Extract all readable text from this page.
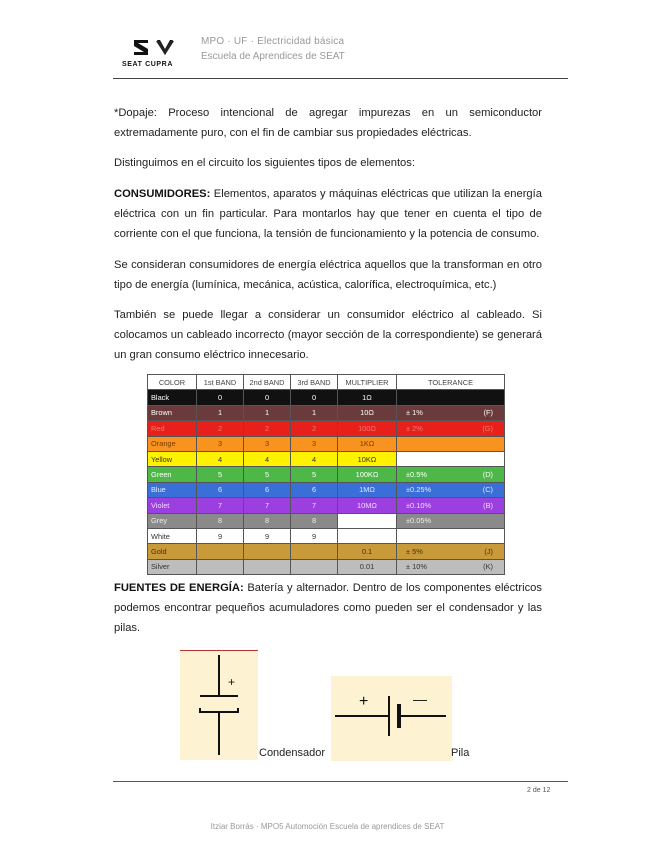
SEAT CUPRA
MPO · UF · Electricidad básica
Escuela de Aprendices de SEAT
*Dopaje: Proceso intencional de agregar impurezas en un semiconductor extremadamente puro, con el fin de cambiar sus propiedades eléctricas.
Distinguimos en el circuito los siguientes tipos de elementos:
CONSUMIDORES: Elementos, aparatos y máquinas eléctricas que utilizan la energía eléctrica con un fin particular. Para montarlos hay que tener en cuenta el tipo de corriente con el que funciona, la tensión de funcionamiento y la potencia de consumo.
Se consideran consumidores de energía eléctrica aquellos que la transforman en otro tipo de energía (lumínica, mecánica, acústica, calorífica, electroquímica, etc.)
También se puede llegar a considerar un consumidor eléctrico al cableado. Si colocamos un cableado incorrecto (mayor sección de la correspondiente) se generará un gran consumo eléctrico innecesario.
COLOR	1st BAND	2nd BAND	3rd BAND	MULTIPLIER	TOLERANCE
Black	0	0	0	1Ω	

Brown	1	1	1	10Ω	± 1% (F)

Red	2	2	2	100Ω	± 2% (G)

Orange	3	3	3	1KΩ	

Yellow	4	4	4	10KΩ	

Green	5	5	5	100KΩ	±0.5% (D)

Blue	6	6	6	1MΩ	±0.25% (C)

Violet	7	7	7	10MΩ	±0.10% (B)

Grey	8	8	8		±0.05%

White	9	9	9		

Gold				0.1	± 5% (J)

Silver				0.01	± 10% (K)
FUENTES DE ENERGÍA: Batería y alternador. Dentro de los componentes eléctricos podemos encontrar pequeños acumuladores como pueden ser el condensador y las pilas.
+
Condensador
+	—
Pila
2 de 12
Itziar Borrás · MPO5 Automoción Escuela de aprendices de SEAT
